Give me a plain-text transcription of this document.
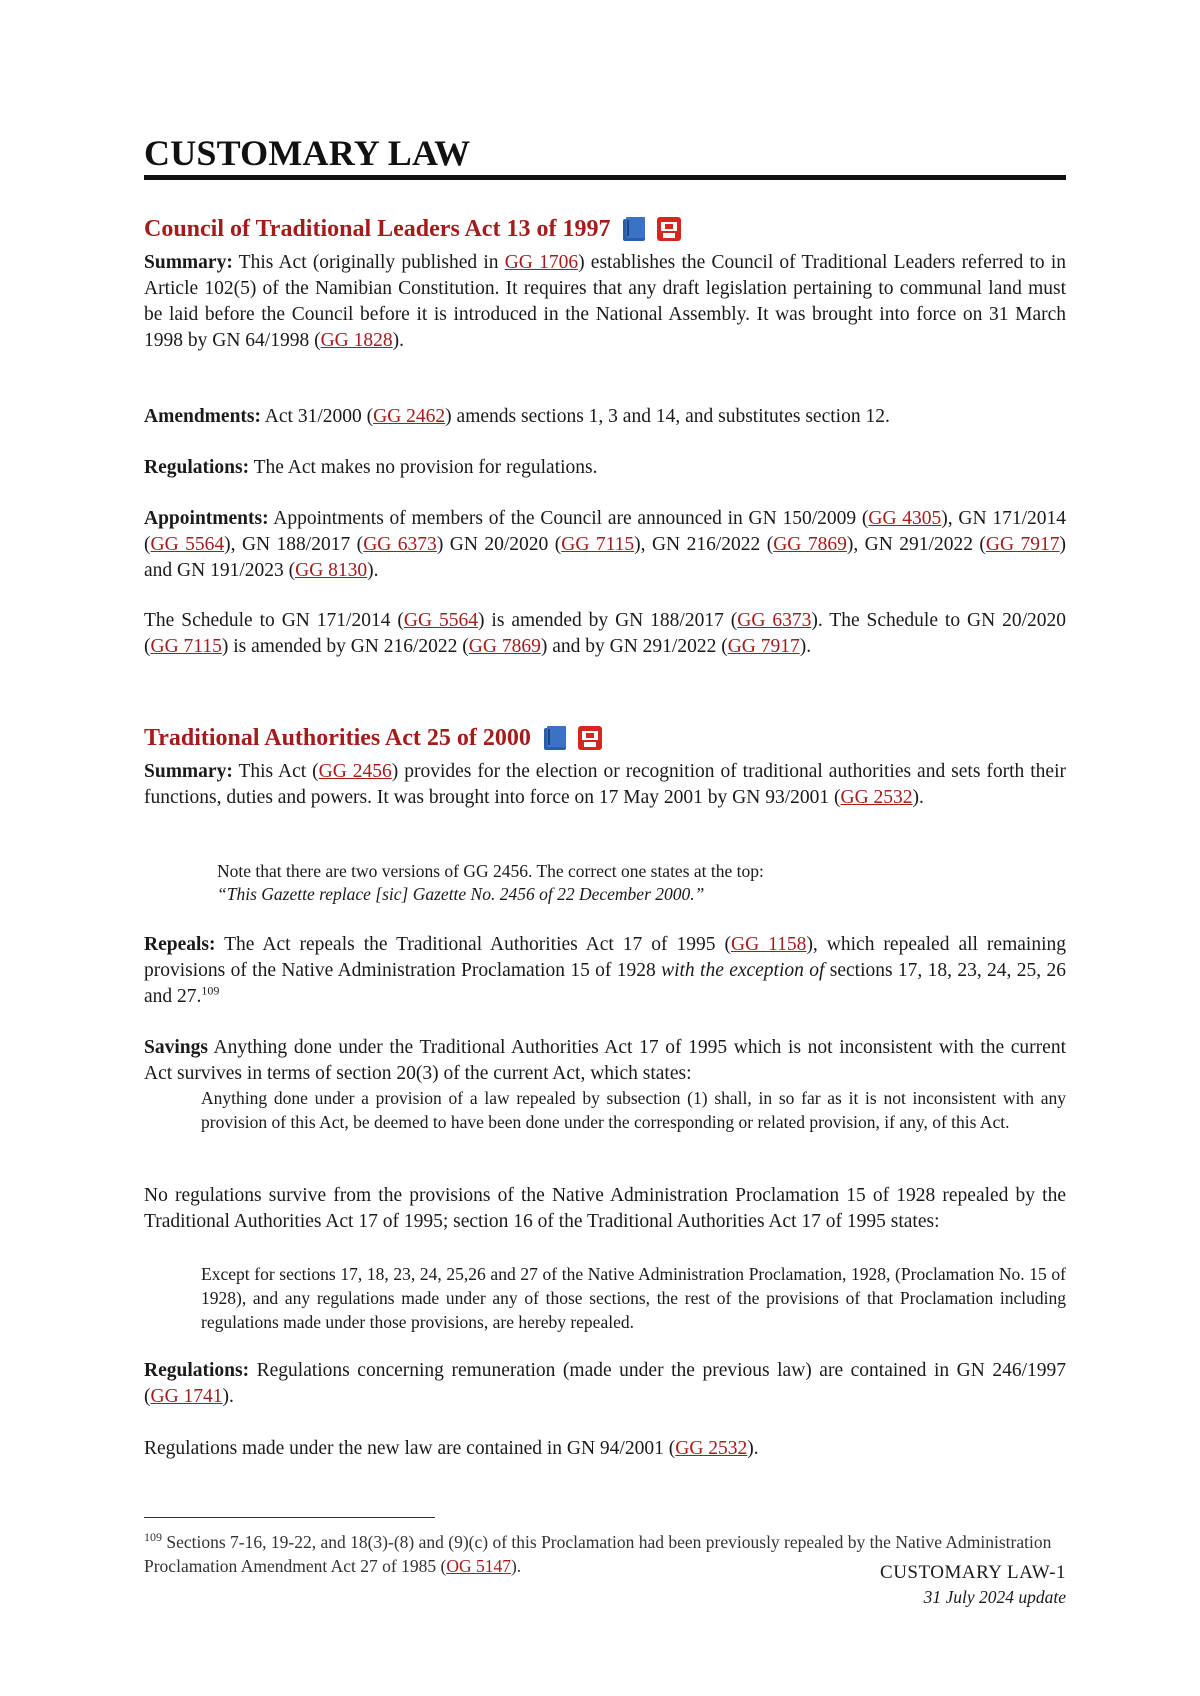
CUSTOMARY LAW
Council of Traditional Leaders Act 13 of 1997
Summary: This Act (originally published in GG 1706) establishes the Council of Traditional Leaders referred to in Article 102(5) of the Namibian Constitution. It requires that any draft legislation pertaining to communal land must be laid before the Council before it is introduced in the National Assembly. It was brought into force on 31 March 1998 by GN 64/1998 (GG 1828).
Amendments: Act 31/2000 (GG 2462) amends sections 1, 3 and 14, and substitutes section 12.
Regulations: The Act makes no provision for regulations.
Appointments: Appointments of members of the Council are announced in GN 150/2009 (GG 4305), GN 171/2014 (GG 5564), GN 188/2017 (GG 6373) GN 20/2020 (GG 7115), GN 216/2022 (GG 7869), GN 291/2022 (GG 7917) and GN 191/2023 (GG 8130).
The Schedule to GN 171/2014 (GG 5564) is amended by GN 188/2017 (GG 6373). The Schedule to GN 20/2020 (GG 7115) is amended by GN 216/2022 (GG 7869) and by GN 291/2022 (GG 7917).
Traditional Authorities Act 25 of 2000
Summary: This Act (GG 2456) provides for the election or recognition of traditional authorities and sets forth their functions, duties and powers. It was brought into force on 17 May 2001 by GN 93/2001 (GG 2532).
Note that there are two versions of GG 2456. The correct one states at the top:
“This Gazette replace [sic] Gazette No. 2456 of 22 December 2000.”
Repeals: The Act repeals the Traditional Authorities Act 17 of 1995 (GG 1158), which repealed all remaining provisions of the Native Administration Proclamation 15 of 1928 with the exception of sections 17, 18, 23, 24, 25, 26 and 27.$^{109}$
Savings Anything done under the Traditional Authorities Act 17 of 1995 which is not inconsistent with the current Act survives in terms of section 20(3) of the current Act, which states:
Anything done under a provision of a law repealed by subsection (1) shall, in so far as it is not inconsistent with any provision of this Act, be deemed to have been done under the corresponding or related provision, if any, of this Act.
No regulations survive from the provisions of the Native Administration Proclamation 15 of 1928 repealed by the Traditional Authorities Act 17 of 1995; section 16 of the Traditional Authorities Act 17 of 1995 states:
Except for sections 17, 18, 23, 24, 25,26 and 27 of the Native Administration Proclamation, 1928, (Proclamation No. 15 of 1928), and any regulations made under any of those sections, the rest of the provisions of that Proclamation including regulations made under those provisions, are hereby repealed.
Regulations: Regulations concerning remuneration (made under the previous law) are contained in GN 246/1997 (GG 1741).
Regulations made under the new law are contained in GN 94/2001 (GG 2532).
$^{109}$ Sections 7-16, 19-22, and 18(3)-(8) and (9)(c) of this Proclamation had been previously repealed by the Native Administration Proclamation Amendment Act 27 of 1985 (OG 5147).	CUSTOMARY LAW-1
31 July 2024 update
